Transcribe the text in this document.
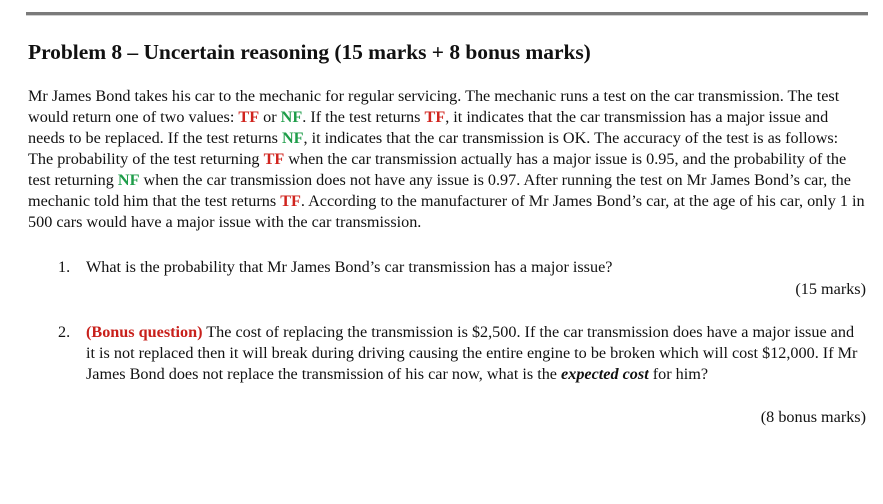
Problem 8 – Uncertain reasoning (15 marks + 8 bonus marks)
Mr James Bond takes his car to the mechanic for regular servicing. The mechanic runs a test on the car transmission. The test would return one of two values: TF or NF. If the test returns TF, it indicates that the car transmission has a major issue and needs to be replaced. If the test returns NF, it indicates that the car transmission is OK. The accuracy of the test is as follows: The probability of the test returning TF when the car transmission actually has a major issue is 0.95, and the probability of the test returning NF when the car transmission does not have any issue is 0.97. After running the test on Mr James Bond’s car, the mechanic told him that the test returns TF. According to the manufacturer of Mr James Bond’s car, at the age of his car, only 1 in 500 cars would have a major issue with the car transmission.
1. What is the probability that Mr James Bond’s car transmission has a major issue?
(15 marks)
2. (Bonus question) The cost of replacing the transmission is $2,500. If the car transmission does have a major issue and it is not replaced then it will break during driving causing the entire engine to be broken which will cost $12,000. If Mr James Bond does not replace the transmission of his car now, what is the expected cost for him?
(8 bonus marks)
